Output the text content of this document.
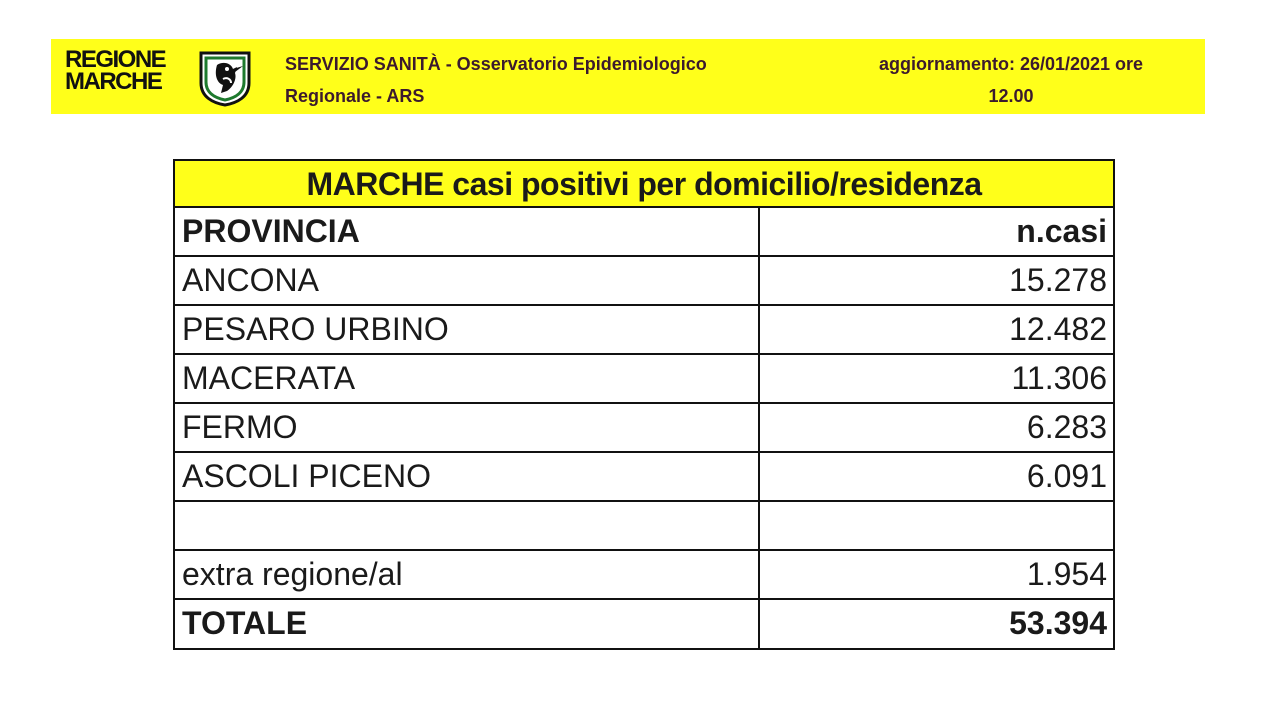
REGIONE
MARCHE
SERVIZIO SANITÀ - Osservatorio Epidemiologico
Regionale - ARS
aggiornamento: 26/01/2021 ore
12.00
MARCHE casi positivi per domicilio/residenza
PROVINCIA	n.casi
ANCONA	15.278
PESARO URBINO	12.482
MACERATA	11.306
FERMO	6.283
ASCOLI PICENO	6.091
extra regione/al	1.954
TOTALE	53.394
